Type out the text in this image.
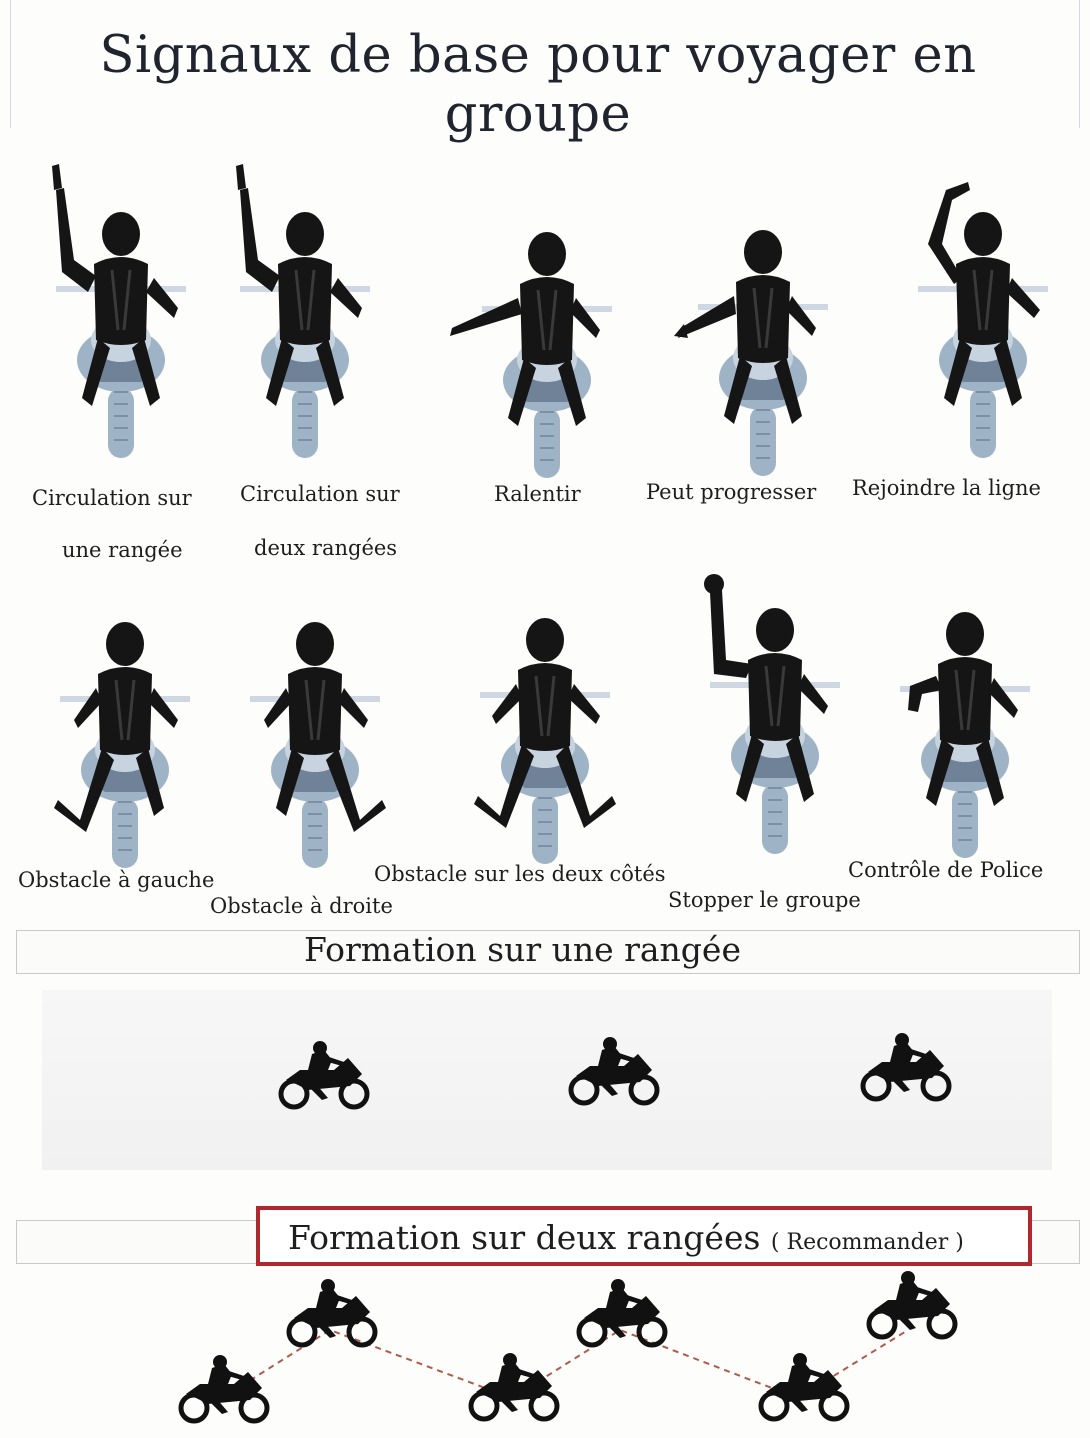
Signaux de base pour voyager en groupe
Circulation sur
une rangée
Circulation sur
deux rangées
Ralentir	Peut progresser Rejoindre la ligne
Obstacle à gauche
Obstacle à droite
Obstacle sur les deux côtés
Stopper le groupe
Contrôle de Police
Formation sur une rangée
Formation sur deux rangées ( Recommander )
